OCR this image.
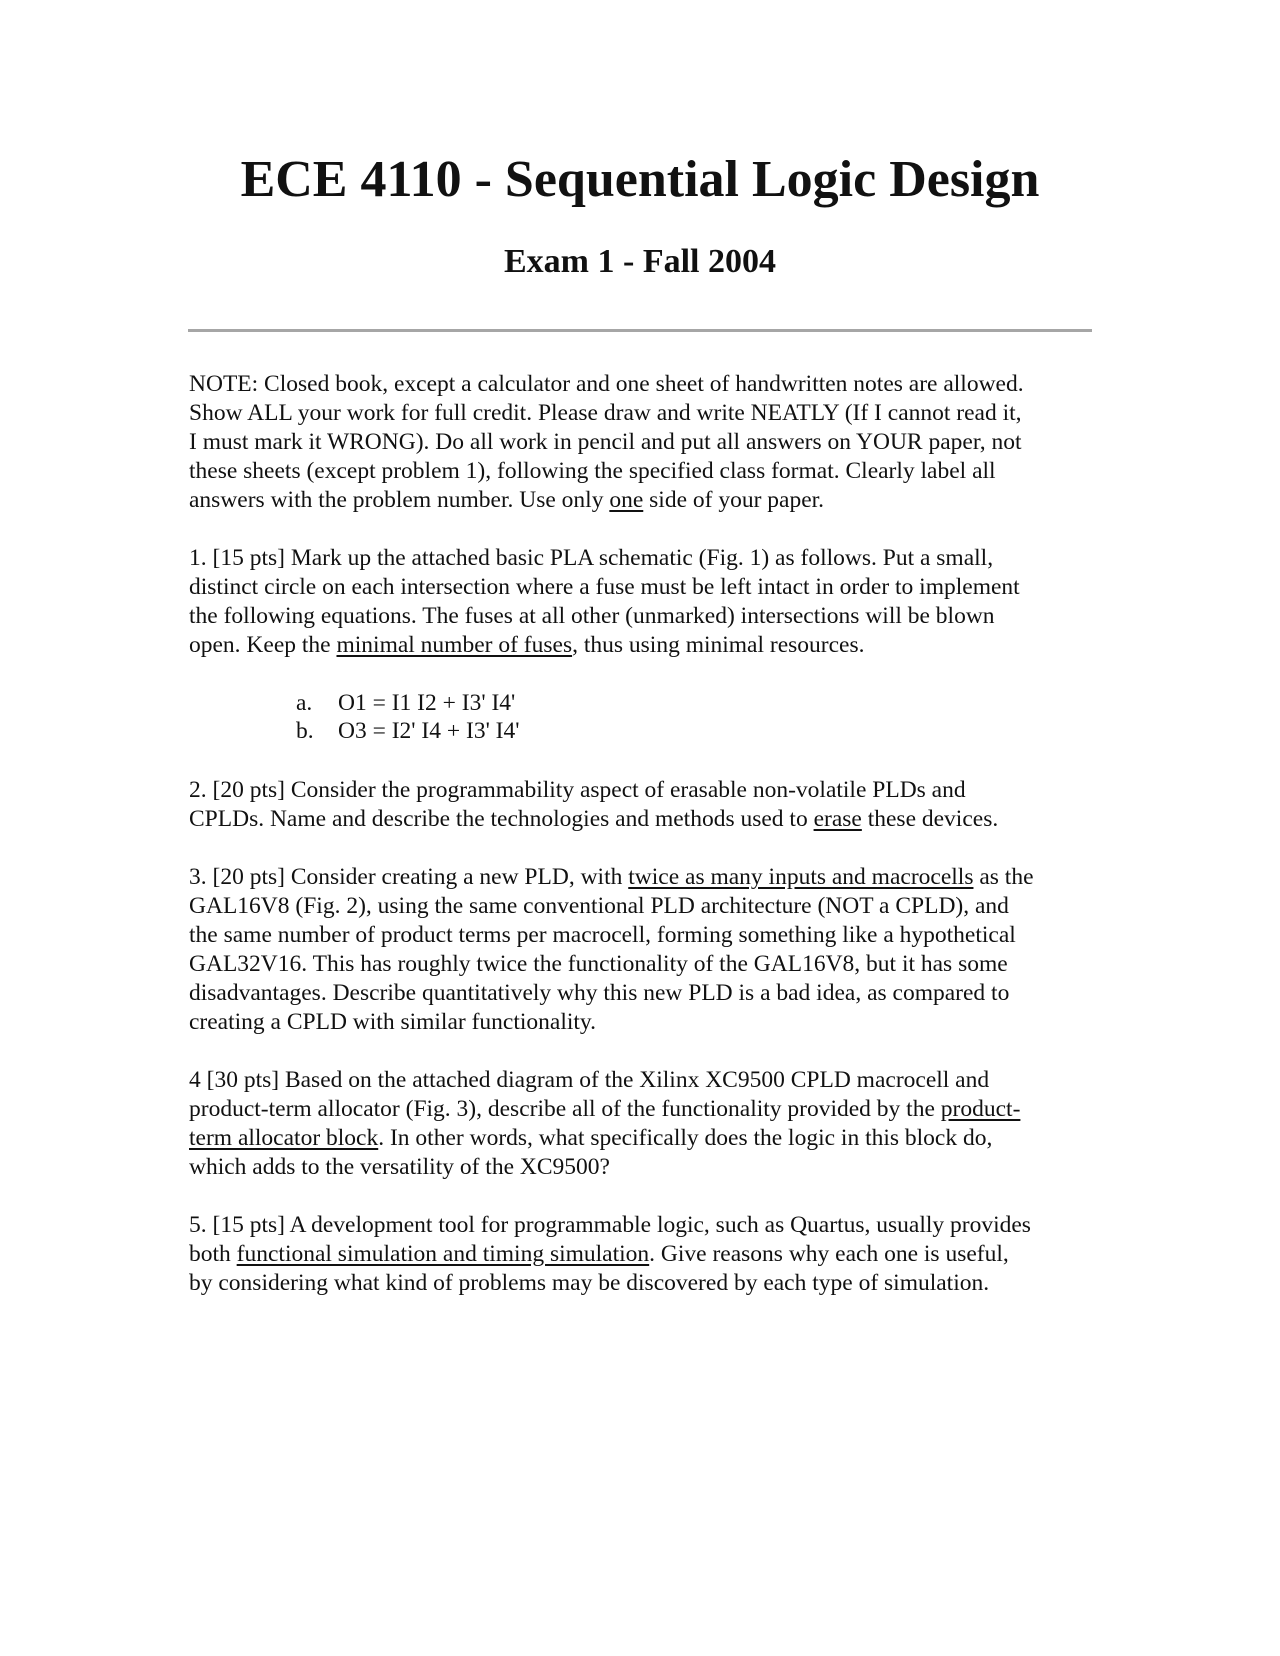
ECE 4110 - Sequential Logic Design
Exam 1 - Fall 2004

NOTE: Closed book, except a calculator and one sheet of handwritten notes are allowed.
Show ALL your work for full credit. Please draw and write NEATLY (If I cannot read it,
I must mark it WRONG). Do all work in pencil and put all answers on YOUR paper, not
these sheets (except problem 1), following the specified class format. Clearly label all
answers with the problem number. Use only one side of your paper.

1. [15 pts] Mark up the attached basic PLA schematic (Fig. 1) as follows. Put a small,
distinct circle on each intersection where a fuse must be left intact in order to implement
the following equations. The fuses at all other (unmarked) intersections will be blown
open. Keep the minimal number of fuses, thus using minimal resources.

a. O1 = I1 I2 + I3' I4'
b. O3 = I2' I4 + I3' I4'

2. [20 pts] Consider the programmability aspect of erasable non-volatile PLDs and
CPLDs. Name and describe the technologies and methods used to erase these devices.

3. [20 pts] Consider creating a new PLD, with twice as many inputs and macrocells as the
GAL16V8 (Fig. 2), using the same conventional PLD architecture (NOT a CPLD), and
the same number of product terms per macrocell, forming something like a hypothetical
GAL32V16. This has roughly twice the functionality of the GAL16V8, but it has some
disadvantages. Describe quantitatively why this new PLD is a bad idea, as compared to
creating a CPLD with similar functionality.

4 [30 pts] Based on the attached diagram of the Xilinx XC9500 CPLD macrocell and
product-term allocator (Fig. 3), describe all of the functionality provided by the product-
term allocator block. In other words, what specifically does the logic in this block do,
which adds to the versatility of the XC9500?

5. [15 pts] A development tool for programmable logic, such as Quartus, usually provides
both functional simulation and timing simulation. Give reasons why each one is useful,
by considering what kind of problems may be discovered by each type of simulation.
